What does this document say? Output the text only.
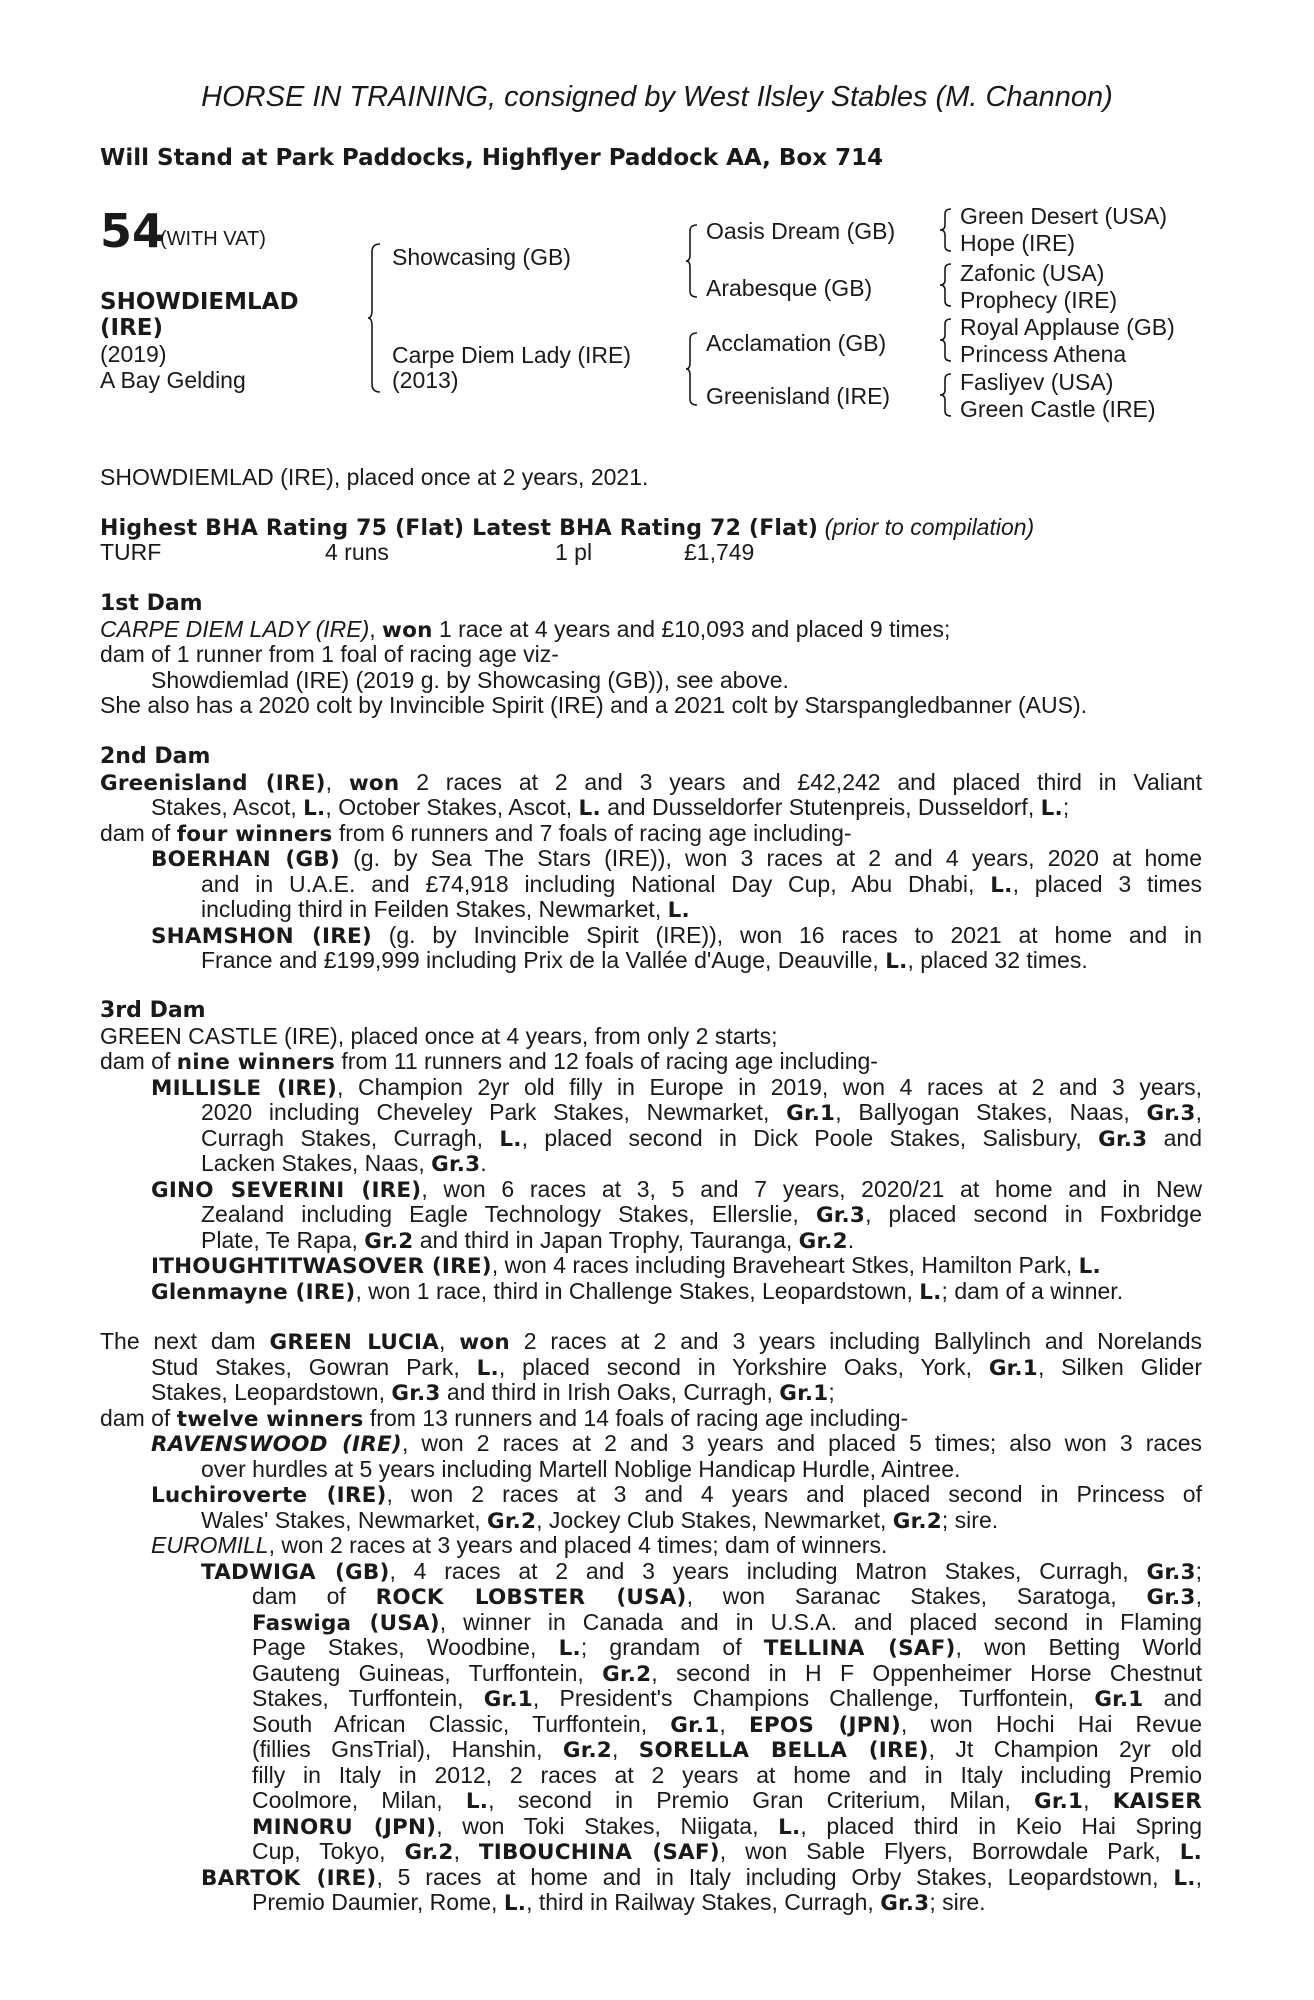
HORSE IN TRAINING, consigned by West Ilsley Stables (M. Channon)
Will Stand at Park Paddocks, Highflyer Paddock AA, Box 714
54
(WITH VAT)
SHOWDIEMLAD
(IRE)
(2019)
A Bay Gelding
Showcasing (GB)
Carpe Diem Lady (IRE)
(2013)
Oasis Dream (GB)
Arabesque (GB)
Acclamation (GB)
Greenisland (IRE)
Green Desert (USA)
Hope (IRE)
Zafonic (USA)
Prophecy (IRE)
Royal Applause (GB)
Princess Athena
Fasliyev (USA)
Green Castle (IRE)
SHOWDIEMLAD (IRE), placed once at 2 years, 2021.
Highest BHA Rating 75 (Flat) Latest BHA Rating 72 (Flat) (prior to compilation)
TURF	4 runs	1 pl	£1,749
1st Dam
CARPE DIEM LADY (IRE), won 1 race at 4 years and £10,093 and placed 9 times;
dam of 1 runner from 1 foal of racing age viz-
Showdiemlad (IRE) (2019 g. by Showcasing (GB)), see above.
She also has a 2020 colt by Invincible Spirit (IRE) and a 2021 colt by Starspangledbanner (AUS).
2nd Dam
Greenisland (IRE), won 2 races at 2 and 3 years and £42,242 and placed third in Valiant
Stakes, Ascot, L., October Stakes, Ascot, L. and Dusseldorfer Stutenpreis, Dusseldorf, L.;
dam of four winners from 6 runners and 7 foals of racing age including-
BOERHAN (GB) (g. by Sea The Stars (IRE)), won 3 races at 2 and 4 years, 2020 at home
and in U.A.E. and £74,918 including National Day Cup, Abu Dhabi, L., placed 3 times
including third in Feilden Stakes, Newmarket, L.
SHAMSHON (IRE) (g. by Invincible Spirit (IRE)), won 16 races to 2021 at home and in
France and £199,999 including Prix de la Vallée d'Auge, Deauville, L., placed 32 times.
3rd Dam
GREEN CASTLE (IRE), placed once at 4 years, from only 2 starts;
dam of nine winners from 11 runners and 12 foals of racing age including-
MILLISLE (IRE), Champion 2yr old filly in Europe in 2019, won 4 races at 2 and 3 years,
2020 including Cheveley Park Stakes, Newmarket, Gr.1, Ballyogan Stakes, Naas, Gr.3,
Curragh Stakes, Curragh, L., placed second in Dick Poole Stakes, Salisbury, Gr.3 and
Lacken Stakes, Naas, Gr.3.
GINO SEVERINI (IRE), won 6 races at 3, 5 and 7 years, 2020/21 at home and in New
Zealand including Eagle Technology Stakes, Ellerslie, Gr.3, placed second in Foxbridge
Plate, Te Rapa, Gr.2 and third in Japan Trophy, Tauranga, Gr.2.
ITHOUGHTITWASOVER (IRE), won 4 races including Braveheart Stkes, Hamilton Park, L.
Glenmayne (IRE), won 1 race, third in Challenge Stakes, Leopardstown, L.; dam of a winner.
The next dam GREEN LUCIA, won 2 races at 2 and 3 years including Ballylinch and Norelands
Stud Stakes, Gowran Park, L., placed second in Yorkshire Oaks, York, Gr.1, Silken Glider
Stakes, Leopardstown, Gr.3 and third in Irish Oaks, Curragh, Gr.1;
dam of twelve winners from 13 runners and 14 foals of racing age including-
RAVENSWOOD (IRE), won 2 races at 2 and 3 years and placed 5 times; also won 3 races
over hurdles at 5 years including Martell Noblige Handicap Hurdle, Aintree.
Luchiroverte (IRE), won 2 races at 3 and 4 years and placed second in Princess of
Wales' Stakes, Newmarket, Gr.2, Jockey Club Stakes, Newmarket, Gr.2; sire.
EUROMILL, won 2 races at 3 years and placed 4 times; dam of winners.
TADWIGA (GB), 4 races at 2 and 3 years including Matron Stakes, Curragh, Gr.3;
dam of ROCK LOBSTER (USA), won Saranac Stakes, Saratoga, Gr.3,
Faswiga (USA), winner in Canada and in U.S.A. and placed second in Flaming
Page Stakes, Woodbine, L.; grandam of TELLINA (SAF), won Betting World
Gauteng Guineas, Turffontein, Gr.2, second in H F Oppenheimer Horse Chestnut
Stakes, Turffontein, Gr.1, President's Champions Challenge, Turffontein, Gr.1 and
South African Classic, Turffontein, Gr.1, EPOS (JPN), won Hochi Hai Revue
(fillies GnsTrial), Hanshin, Gr.2, SORELLA BELLA (IRE), Jt Champion 2yr old
filly in Italy in 2012, 2 races at 2 years at home and in Italy including Premio
Coolmore, Milan, L., second in Premio Gran Criterium, Milan, Gr.1, KAISER
MINORU (JPN), won Toki Stakes, Niigata, L., placed third in Keio Hai Spring
Cup, Tokyo, Gr.2, TIBOUCHINA (SAF), won Sable Flyers, Borrowdale Park, L.
BARTOK (IRE), 5 races at home and in Italy including Orby Stakes, Leopardstown, L.,
Premio Daumier, Rome, L., third in Railway Stakes, Curragh, Gr.3; sire.
